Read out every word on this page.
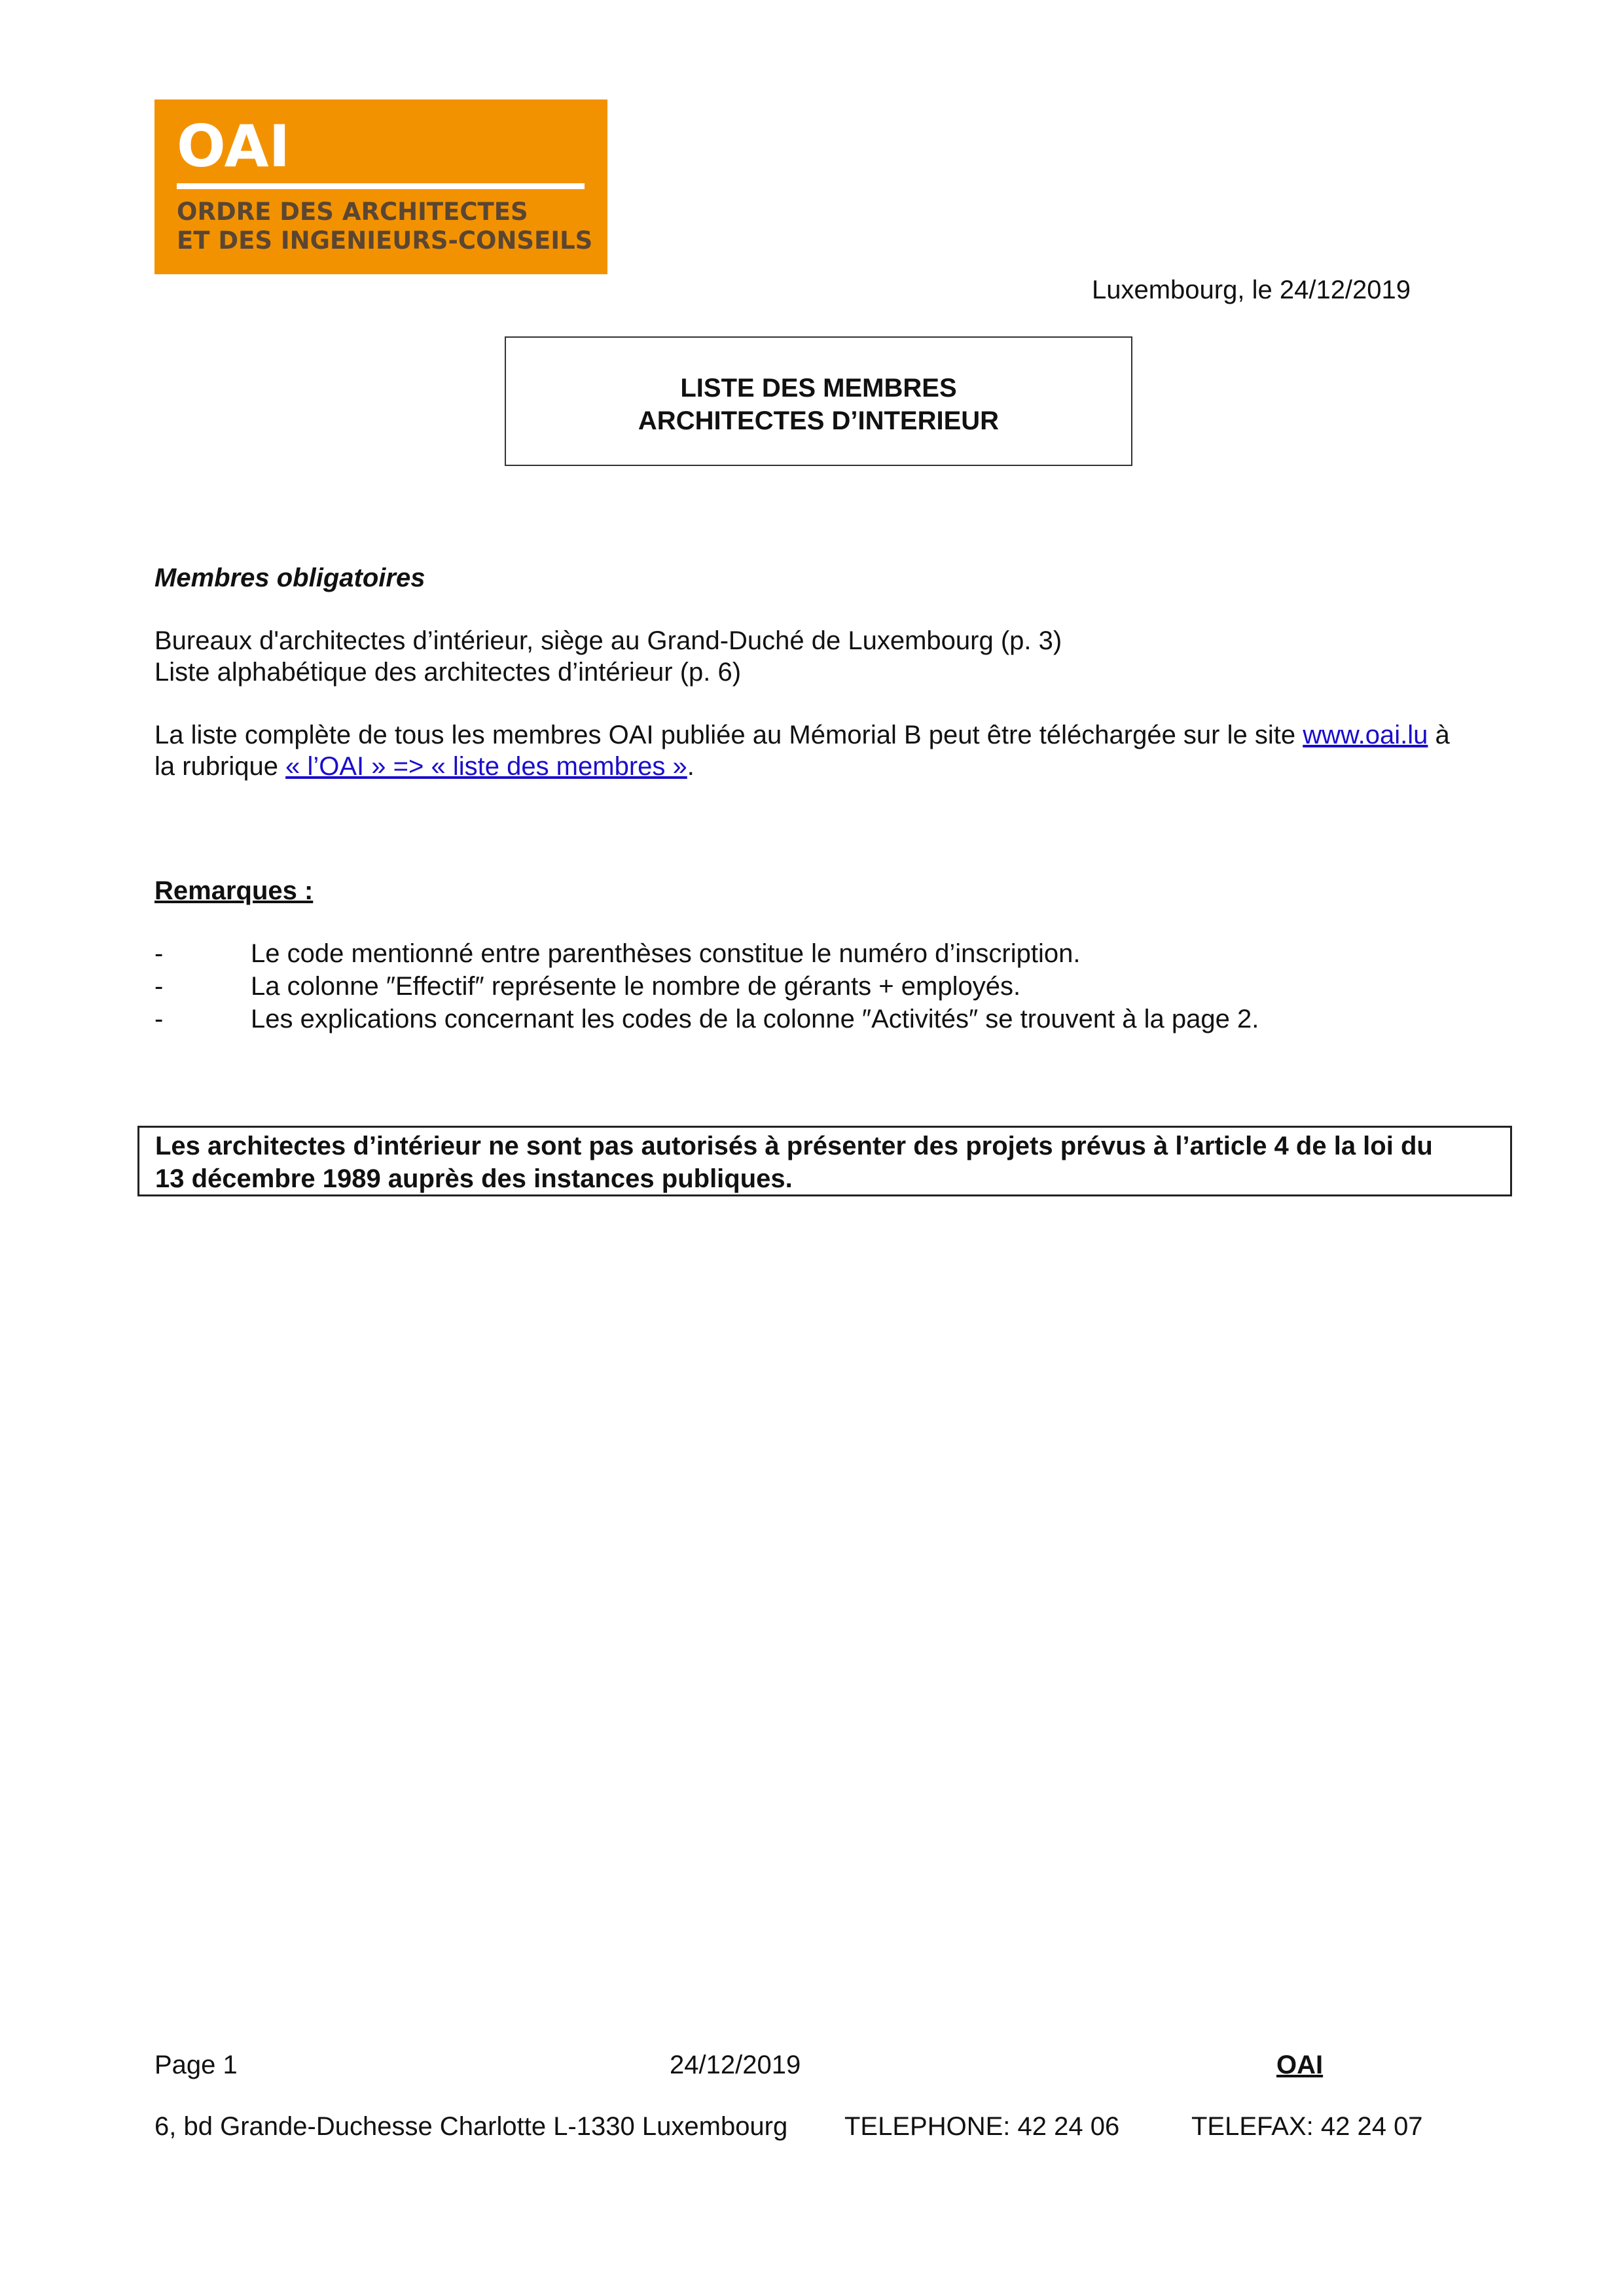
OAI
ORDRE DES ARCHITECTES
ET DES INGENIEURS-CONSEILS
Luxembourg, le 24/12/2019
LISTE DES MEMBRES
ARCHITECTES D’INTERIEUR
Membres obligatoires
Bureaux d'architectes d’intérieur, siège au Grand-Duché de Luxembourg (p. 3)
Liste alphabétique des architectes d’intérieur (p. 6)
La liste complète de tous les membres OAI publiée au Mémorial B peut être téléchargée sur le site www.oai.lu à
la rubrique « l’OAI » => « liste des membres ».
Remarques :
-	Le code mentionné entre parenthèses constitue le numéro d’inscription.
-	La colonne ″Effectif″ représente le nombre de gérants + employés.
-	Les explications concernant les codes de la colonne ″Activités″ se trouvent à la page 2.
Les architectes d’intérieur ne sont pas autorisés à présenter des projets prévus à l’article 4 de la loi du
13 décembre 1989 auprès des instances publiques.
Page 1	24/12/2019	OAI
6, bd Grande-Duchesse Charlotte L-1330 Luxembourg TELEPHONE: 42 24 06	TELEFAX: 42 24 07
